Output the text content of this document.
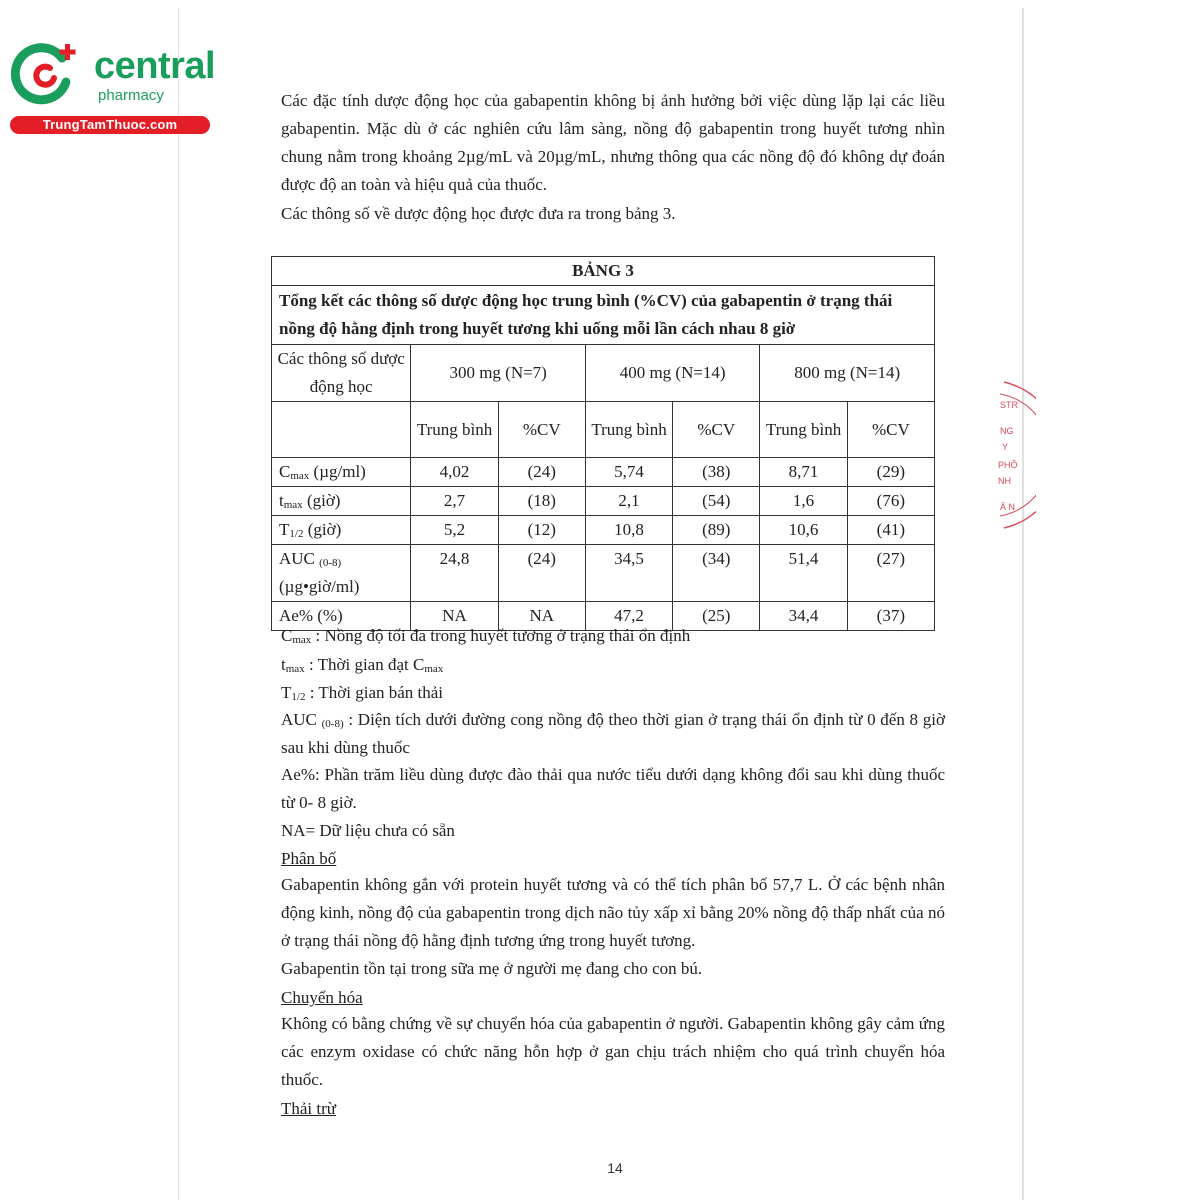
central
pharmacy
TrungTamThuoc.com
Các đặc tính dược động học của gabapentin không bị ảnh hưởng bởi việc dùng lặp lại các liều gabapentin. Mặc dù ở các nghiên cứu lâm sàng, nồng độ gabapentin trong huyết tương nhìn chung nằm trong khoảng 2µg/mL và 20µg/mL, nhưng thông qua các nồng độ đó không dự đoán được độ an toàn và hiệu quả của thuốc.
Các thông số về dược động học được đưa ra trong bảng 3.
BẢNG 3						
Tổng kết các thông số dược động học trung bình (%CV) của gabapentin ở trạng thái nồng độ hằng định trong huyết tương khi uống mỗi lần cách nhau 8 giờ						
Các thông số dược động học	300 mg (N=7)		400 mg (N=14)		800 mg (N=14)	
	Trung bình	%CV	Trung bình	%CV	Trung bình	%CV
$C_{max}$ (µg/ml)	4,02	(24)	5,74	(38)	8,71	(29)
$t_{max}$ (giờ)	2,7	(18)	2,1	(54)	1,6	(76)
$T_{1/2}$ (giờ)	5,2	(12)	10,8	(89)	10,6	(41)
AUC $_{(0-8)}$
(µg•giờ/ml)	24,8	(24)	34,5	(34)	51,4	(27)
Ae% (%)	NA	NA	47,2	(25)	34,4	(37)
$C_{max}$ : Nồng độ tối đa trong huyết tương ở trạng thái ổn định
$t_{max}$ : Thời gian đạt $C_{max}$
$T_{1/2}$ : Thời gian bán thải
AUC $_{(0-8)}$ : Diện tích dưới đường cong nồng độ theo thời gian ở trạng thái ổn định từ 0 đến 8 giờ sau khi dùng thuốc
Ae%: Phần trăm liều dùng được đào thải qua nước tiểu dưới dạng không đổi sau khi dùng thuốc từ 0- 8 giờ.
NA= Dữ liệu chưa có sẵn
Phân bố
Gabapentin không gắn với protein huyết tương và có thể tích phân bố 57,7 L. Ở các bệnh nhân động kinh, nồng độ của gabapentin trong dịch não tủy xấp xỉ bằng 20% nồng độ thấp nhất của nó ở trạng thái nồng độ hằng định tương ứng trong huyết tương.
Gabapentin tồn tại trong sữa mẹ ở người mẹ đang cho con bú.
Chuyển hóa
Không có bằng chứng về sự chuyển hóa của gabapentin ở người. Gabapentin không gây cảm ứng các enzym oxidase có chức năng hỗn hợp ở gan chịu trách nhiệm cho quá trình chuyển hóa thuốc.
Thải trừ
14
STR
NG
Y
PHÔ
NH
Ă N
